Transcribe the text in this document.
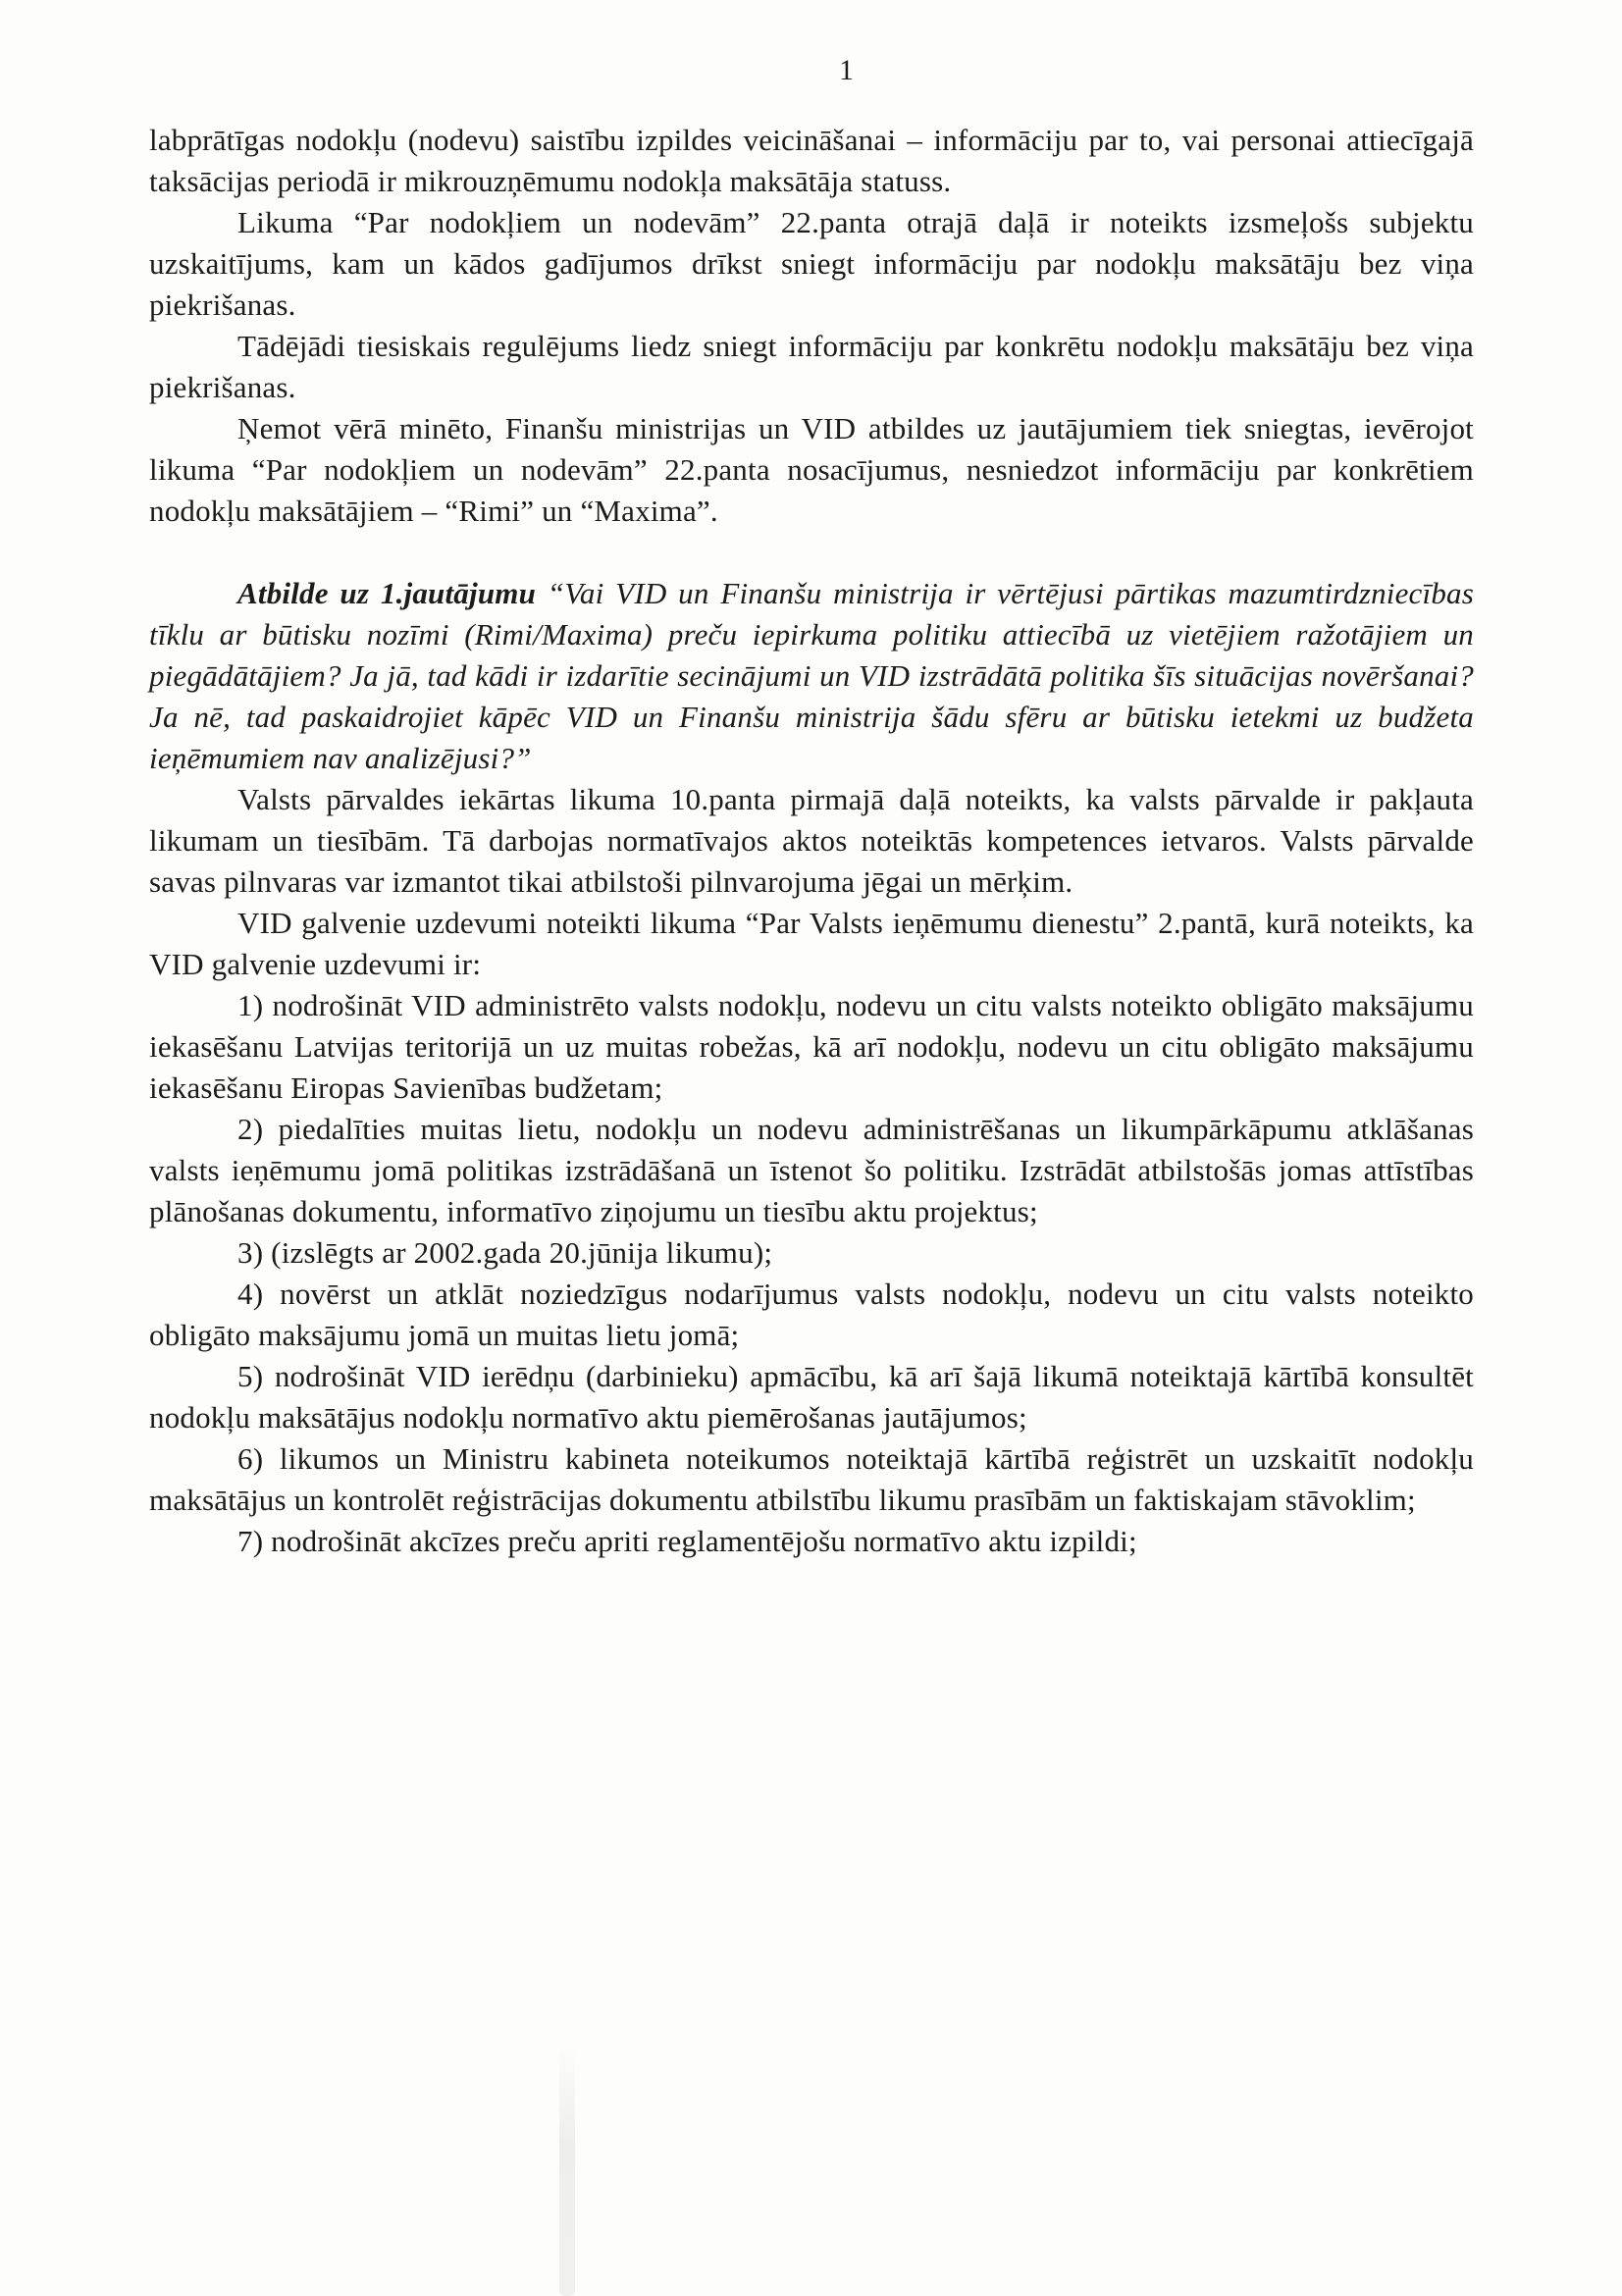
1

labprātīgas nodokļu (nodevu) saistību izpildes veicināšanai – informāciju par to, vai personai attiecīgajā taksācijas periodā ir mikrouzņēmumu nodokļa maksātāja statuss.

Likuma “Par nodokļiem un nodevām” 22.panta otrajā daļā ir noteikts izsmeļošs subjektu uzskaitījums, kam un kādos gadījumos drīkst sniegt informāciju par nodokļu maksātāju bez viņa piekrišanas.

Tādējādi tiesiskais regulējums liedz sniegt informāciju par konkrētu nodokļu maksātāju bez viņa piekrišanas.

Ņemot vērā minēto, Finanšu ministrijas un VID atbildes uz jautājumiem tiek sniegtas, ievērojot likuma “Par nodokļiem un nodevām” 22.panta nosacījumus, nesniedzot informāciju par konkrētiem nodokļu maksātājiem – “Rimi” un “Maxima”.

Atbilde uz 1.jautājumu “Vai VID un Finanšu ministrija ir vērtējusi pārtikas mazumtirdzniecības tīklu ar būtisku nozīmi (Rimi/Maxima) preču iepirkuma politiku attiecībā uz vietējiem ražotājiem un piegādātājiem? Ja jā, tad kādi ir izdarītie secinājumi un VID izstrādātā politika šīs situācijas novēršanai? Ja nē, tad paskaidrojiet kāpēc VID un Finanšu ministrija šādu sfēru ar būtisku ietekmi uz budžeta ieņēmumiem nav analizējusi?”

Valsts pārvaldes iekārtas likuma 10.panta pirmajā daļā noteikts, ka valsts pārvalde ir pakļauta likumam un tiesībām. Tā darbojas normatīvajos aktos noteiktās kompetences ietvaros. Valsts pārvalde savas pilnvaras var izmantot tikai atbilstoši pilnvarojuma jēgai un mērķim.

VID galvenie uzdevumi noteikti likuma “Par Valsts ieņēmumu dienestu” 2.pantā, kurā noteikts, ka VID galvenie uzdevumi ir:

1) nodrošināt VID administrēto valsts nodokļu, nodevu un citu valsts noteikto obligāto maksājumu iekasēšanu Latvijas teritorijā un uz muitas robežas, kā arī nodokļu, nodevu un citu obligāto maksājumu iekasēšanu Eiropas Savienības budžetam;

2) piedalīties muitas lietu, nodokļu un nodevu administrēšanas un likumpārkāpumu atklāšanas valsts ieņēmumu jomā politikas izstrādāšanā un īstenot šo politiku. Izstrādāt atbilstošās jomas attīstības plānošanas dokumentu, informatīvo ziņojumu un tiesību aktu projektus;

3) (izslēgts ar 2002.gada 20.jūnija likumu);

4) novērst un atklāt noziedzīgus nodarījumus valsts nodokļu, nodevu un citu valsts noteikto obligāto maksājumu jomā un muitas lietu jomā;

5) nodrošināt VID ierēdņu (darbinieku) apmācību, kā arī šajā likumā noteiktajā kārtībā konsultēt nodokļu maksātājus nodokļu normatīvo aktu piemērošanas jautājumos;

6) likumos un Ministru kabineta noteikumos noteiktajā kārtībā reģistrēt un uzskaitīt nodokļu maksātājus un kontrolēt reģistrācijas dokumentu atbilstību likumu prasībām un faktiskajam stāvoklim;

7) nodrošināt akcīzes preču apriti reglamentējošu normatīvo aktu izpildi;
